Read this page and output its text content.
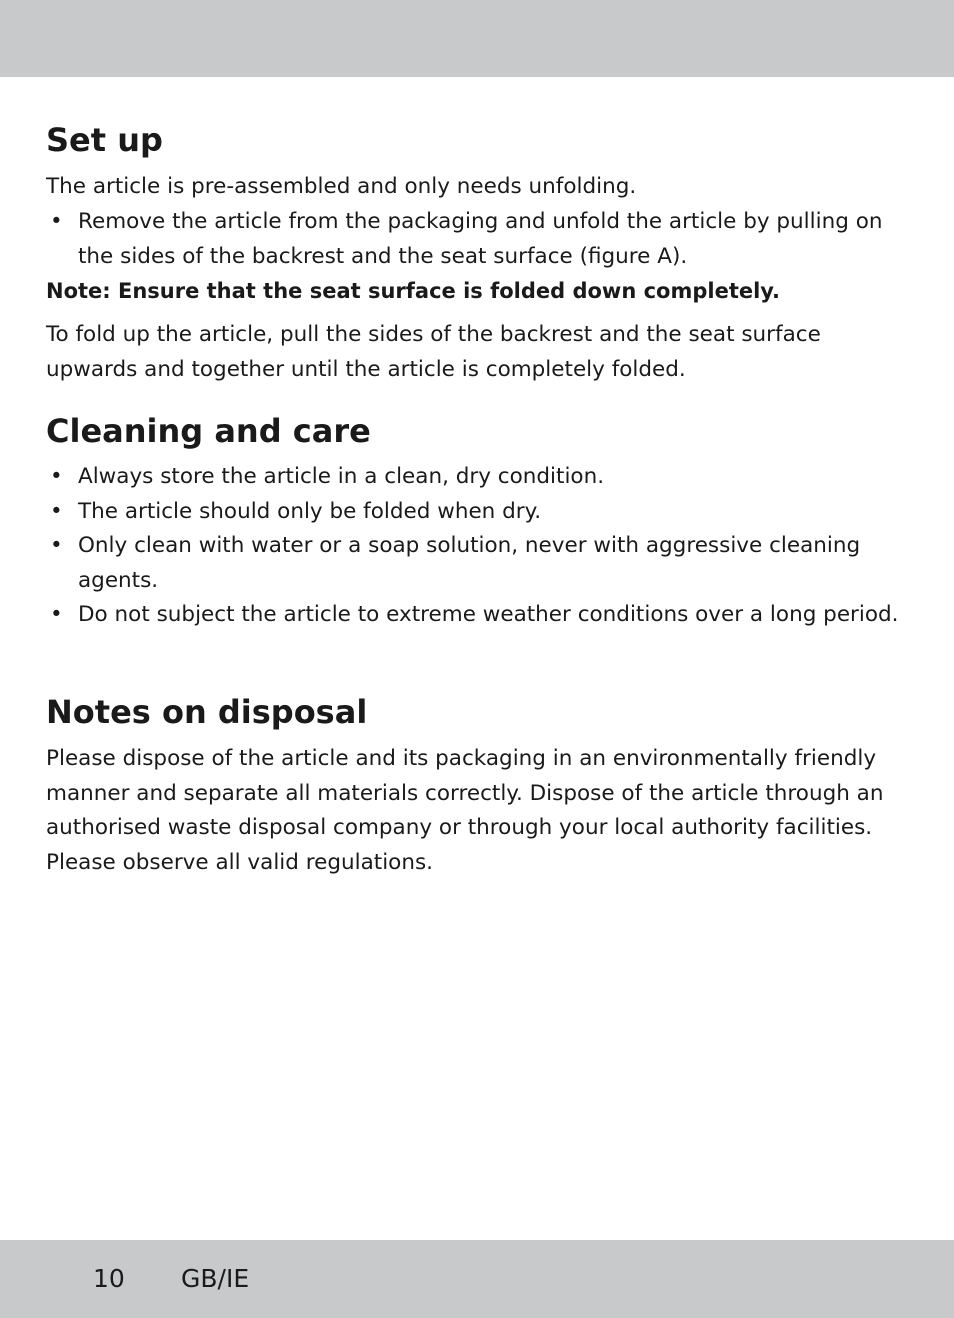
Set up

The article is pre-assembled and only needs unfolding.

• Remove the article from the packaging and unfold the article by pulling on the sides of the backrest and the seat surface (figure A).

Note: Ensure that the seat surface is folded down completely.

To fold up the article, pull the sides of the backrest and the seat surface upwards and together until the article is completely folded.

Cleaning and care
• Always store the article in a clean, dry condition.
• The article should only be folded when dry.
• Only clean with water or a soap solution, never with aggressive cleaning agents.
• Do not subject the article to extreme weather conditions over a long period.
Notes on disposal

Please dispose of the article and its packaging in an environmentally friendly manner and separate all materials correctly. Dispose of the article through an authorised waste disposal company or through your local authority facilities. Please observe all valid regulations.

10 GB/IE
